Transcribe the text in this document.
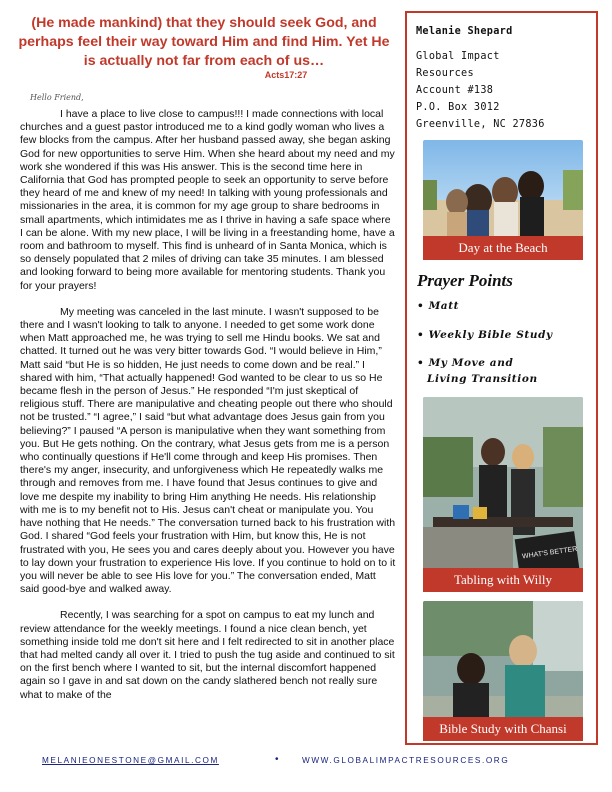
(He made mankind) that they should seek God, and perhaps feel their way toward Him and find Him. Yet He is actually not far from each of us…
Acts17:27
Hello Friend,

I have a place to live close to campus!!! I made connections with local churches and a guest pastor introduced me to a kind godly woman who lives a few blocks from the campus. After her husband passed away, she began asking God for new opportunities to serve Him. When she heard about my need and my work she wondered if this was His answer. This is the second time here in California that God has prompted people to seek an opportunity to serve before they heard of me and knew of my need! In talking with young professionals and missionaries in the area, it is common for my age group to share bedrooms in small apartments, which intimidates me as I thrive in having a safe space where I can be alone. With my new place, I will be living in a freestanding home, have a room and bathroom to myself. This find is unheard of in Santa Monica, which is so densely populated that 2 miles of driving can take 35 minutes. I am blessed and looking forward to being more available for mentoring students. Thank you for your prayers!

My meeting was canceled in the last minute. I wasn't supposed to be there and I wasn't looking to talk to anyone. I needed to get some work done when Matt approached me, he was trying to sell me Hindu books. We sat and chatted. It turned out he was very bitter towards God. “I would believe in Him,” Matt said “but He is so hidden, He just needs to come down and be real.” I shared with him, “That actually happened! God wanted to be clear to us so He became flesh in the person of Jesus.” He responded “I'm just skeptical of religious stuff. There are manipulative and cheating people out there who should not be trusted.” “I agree,” I said “but what advantage does Jesus gain from you believing?” I paused “A person is manipulative when they want something from you. But He gets nothing. On the contrary, what Jesus gets from me is a person who continually questions if He'll come through and keep His promises. Then there's my anger, insecurity, and unforgiveness which He repeatedly walks me through and removes from me. I have found that Jesus continues to give and love me despite my inability to bring Him anything He needs. His relationship with me is to my benefit not to His. Jesus can't cheat or manipulate you. You have nothing that He needs.” The conversation turned back to his frustration with God. I shared “God feels your frustration with Him, but know this, He is not frustrated with you, He sees you and cares deeply about you. However you have to lay down your frustration to experience His love. If you continue to hold on to it you will never be able to see His love for you.” The conversation ended, Matt said good-bye and walked away.

Recently, I was searching for a spot on campus to eat my lunch and review attendance for the weekly meetings. I found a nice clean bench, yet something inside told me don't sit here and I felt redirected to sit in another place that had melted candy all over it. I tried to push the tug aside and continued to sit on the first bench where I wanted to sit, but the internal discomfort happened again so I gave in and sat down on the candy slathered bench not really sure what to make of the

Melanie Shepard
Global Impact
Resources
Account #138
P.O. Box 3012
Greenville, NC 27836
Day at the Beach
Prayer Points
• Matt
• Weekly Bible Study
• My Move and
Living Transition
WHAT'S BETTER
Tabling with Willy
Bible Study with Chansi
MELANIEONESTONE@GMAIL.COM	•	WWW.GLOBALIMPACTRESOURCES.ORG
